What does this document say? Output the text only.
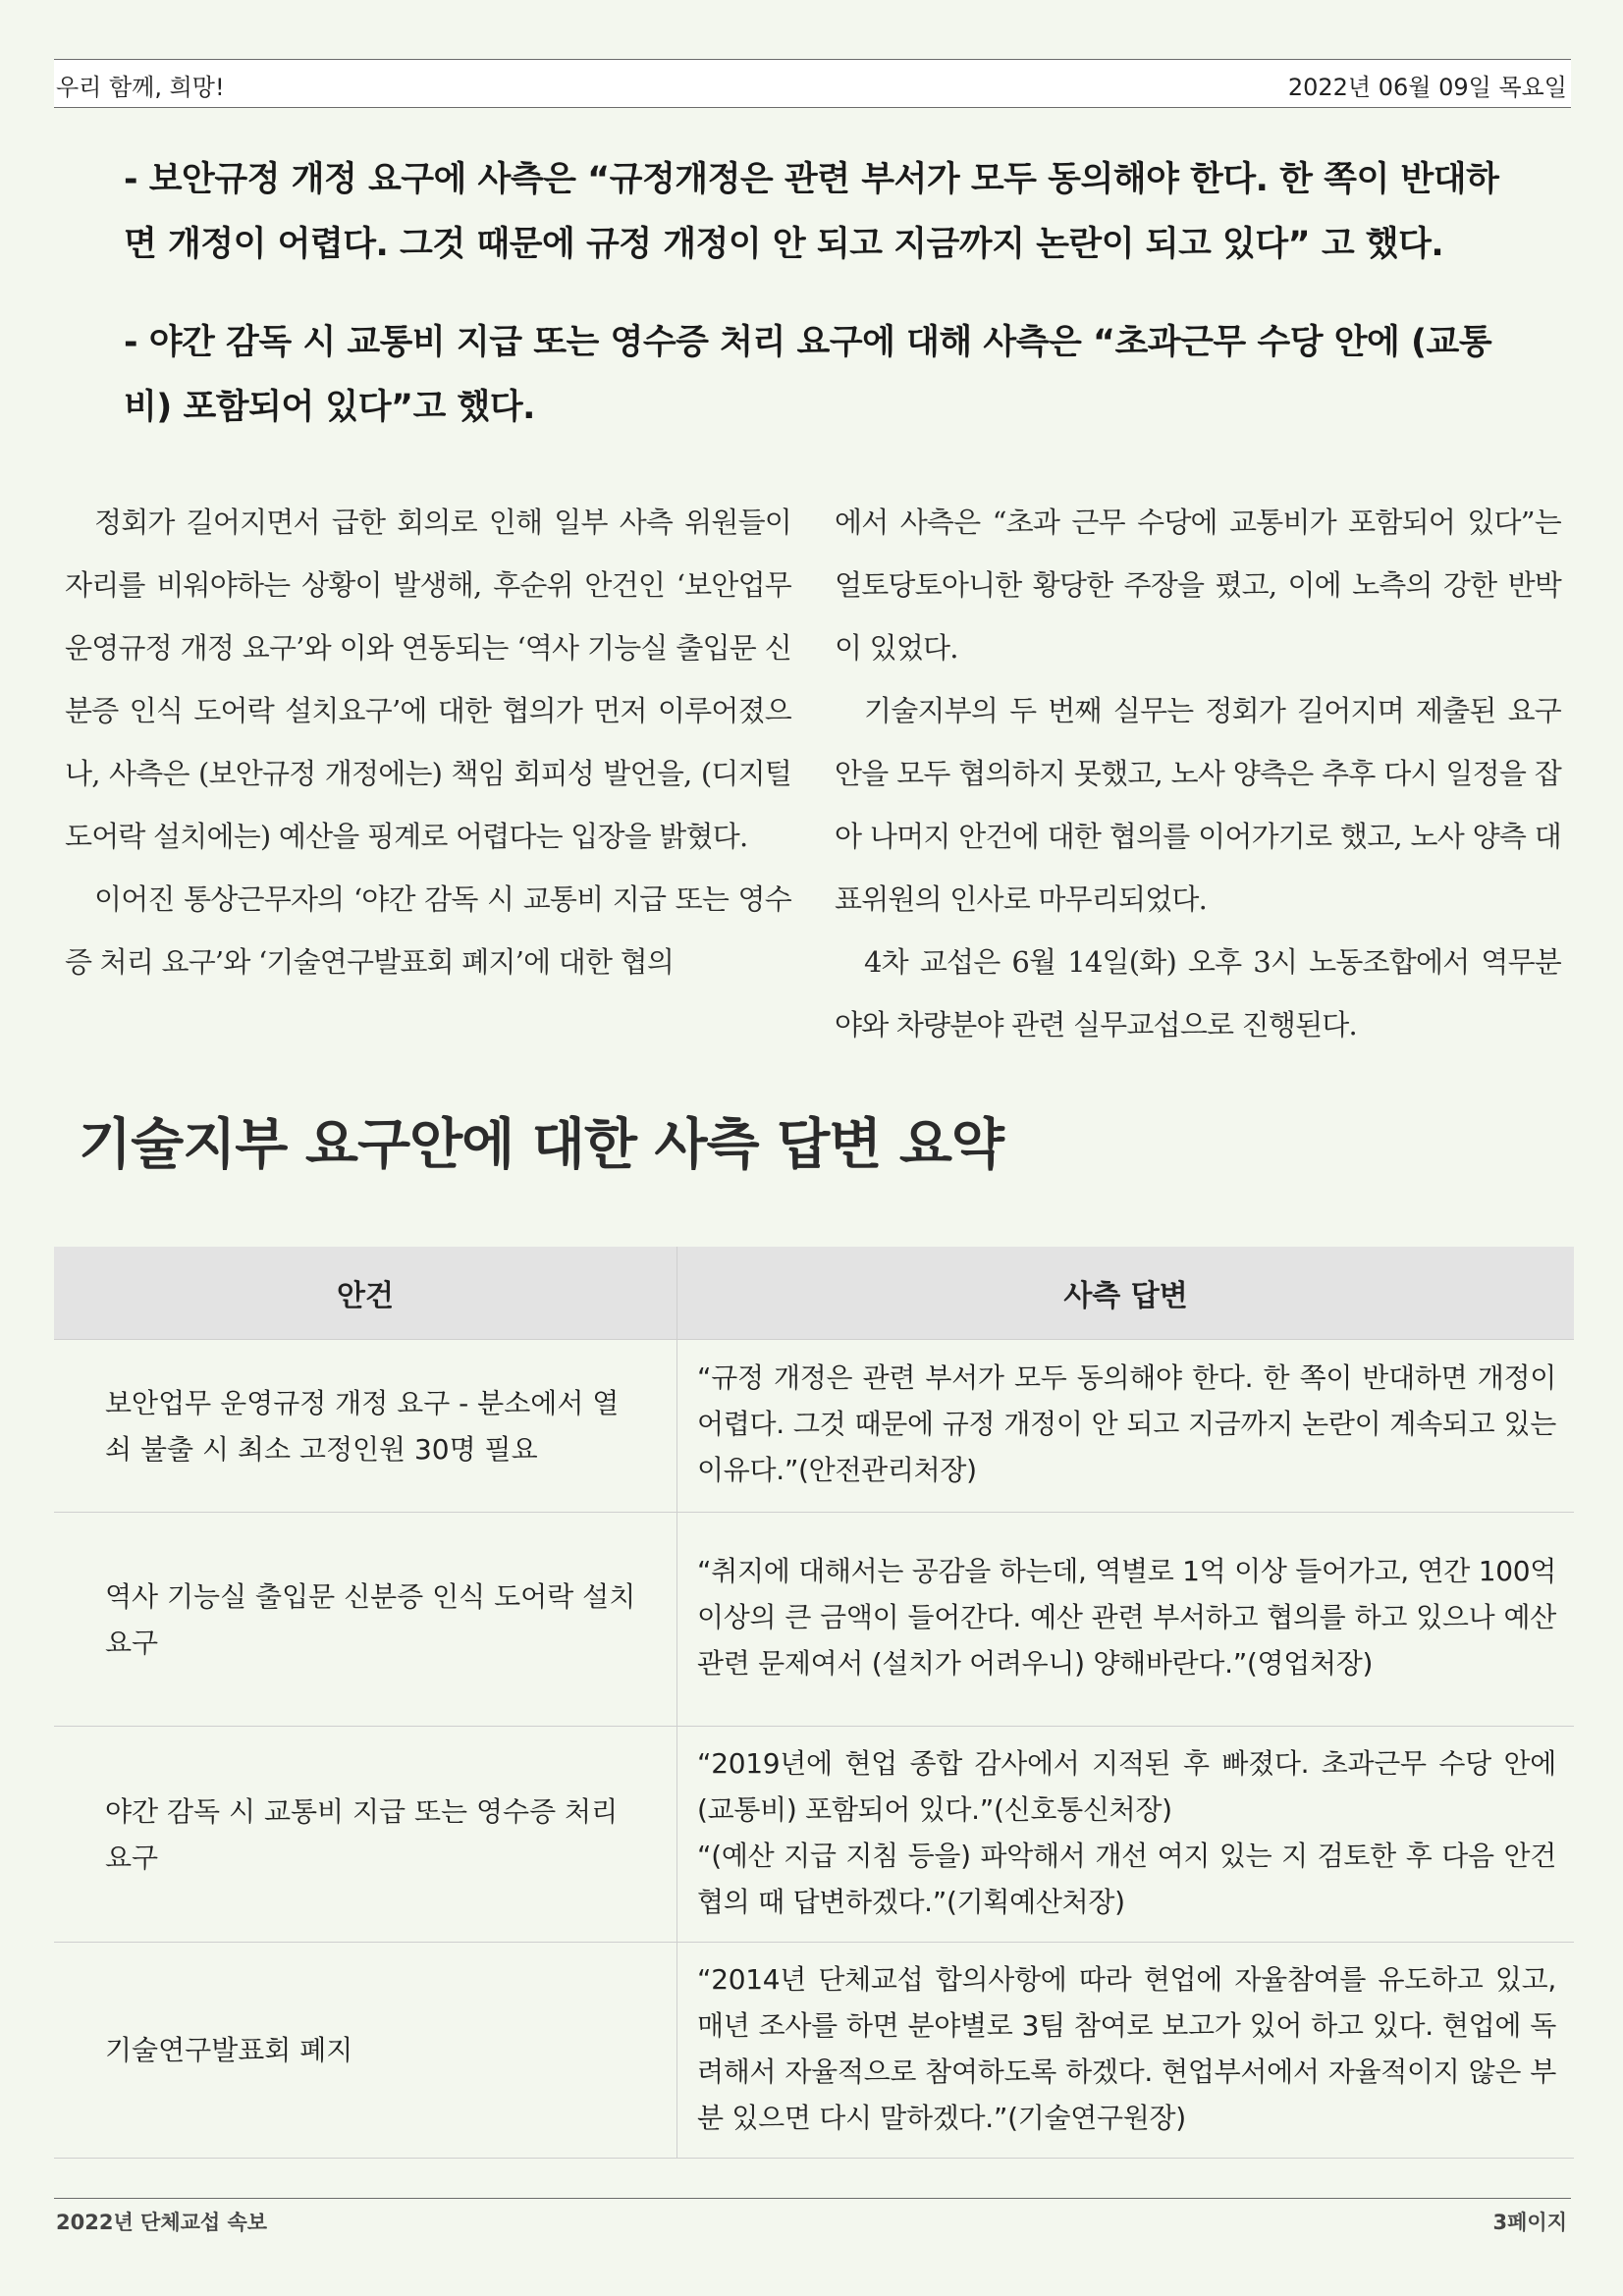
우리 함께, 희망!	2022년 06월 09일 목요일
- 보안규정 개정 요구에 사측은 “규정개정은 관련 부서가 모두 동의해야 한다. 한 쪽이 반대하면 개정이 어렵다. 그것 때문에 규정 개정이 안 되고 지금까지 논란이 되고 있다” 고 했다.
- 야간 감독 시 교통비 지급 또는 영수증 처리 요구에 대해 사측은 “초과근무 수당 안에 (교통비) 포함되어 있다”고 했다.

정회가 길어지면서 급한 회의로 인해 일부 사측 위원들이 자리를 비워야하는 상황이 발생해, 후순위 안건인 ‘보안업무 운영규정 개정 요구’와 이와 연동되는 ‘역사 기능실 출입문 신분증 인식 도어락 설치요구’에 대한 협의가 먼저 이루어졌으나, 사측은 (보안규정 개정에는) 책임 회피성 발언을, (디지털 도어락 설치에는) 예산을 핑계로 어렵다는 입장을 밝혔다.

이어진 통상근무자의 ‘야간 감독 시 교통비 지급 또는 영수증 처리 요구’와 ‘기술연구발표회 폐지’에 대한 협의

에서 사측은 “초과 근무 수당에 교통비가 포함되어 있다”는 얼토당토아니한 황당한 주장을 폈고, 이에 노측의 강한 반박이 있었다.

기술지부의 두 번째 실무는 정회가 길어지며 제출된 요구안을 모두 협의하지 못했고, 노사 양측은 추후 다시 일정을 잡아 나머지 안건에 대한 협의를 이어가기로 했고, 노사 양측 대표위원의 인사로 마무리되었다.

4차 교섭은 6월 14일(화) 오후 3시 노동조합에서 역무분야와 차량분야 관련 실무교섭으로 진행된다.

기술지부 요구안에 대한 사측 답변 요약
안건	사측 답변
보안업무 운영규정 개정 요구 - 분소에서 열쇠 불출 시 최소 고정인원 30명 필요	“규정 개정은 관련 부서가 모두 동의해야 한다. 한 쪽이 반대하면 개정이 어렵다. 그것 때문에 규정 개정이 안 되고 지금까지 논란이 계속되고 있는 이유다.”(안전관리처장)

역사 기능실 출입문 신분증 인식 도어락 설치 요구	“취지에 대해서는 공감을 하는데, 역별로 1억 이상 들어가고, 연간 100억 이상의 큰 금액이 들어간다. 예산 관련 부서하고 협의를 하고 있으나 예산관련 문제여서 (설치가 어려우니) 양해바란다.”(영업처장)

야간 감독 시 교통비 지급 또는 영수증 처리 요구	“2019년에 현업 종합 감사에서 지적된 후 빠졌다. 초과근무 수당 안에 (교통비) 포함되어 있다.”(신호통신처장)
“(예산 지급 지침 등을) 파악해서 개선 여지 있는 지 검토한 후 다음 안건 협의 때 답변하겠다.”(기획예산처장)

기술연구발표회 폐지	“2014년 단체교섭 합의사항에 따라 현업에 자율참여를 유도하고 있고, 매년 조사를 하면 분야별로 3팀 참여로 보고가 있어 하고 있다. 현업에 독려해서 자율적으로 참여하도록 하겠다. 현업부서에서 자율적이지 않은 부분 있으면 다시 말하겠다.”(기술연구원장)
2022년 단체교섭 속보	3페이지
